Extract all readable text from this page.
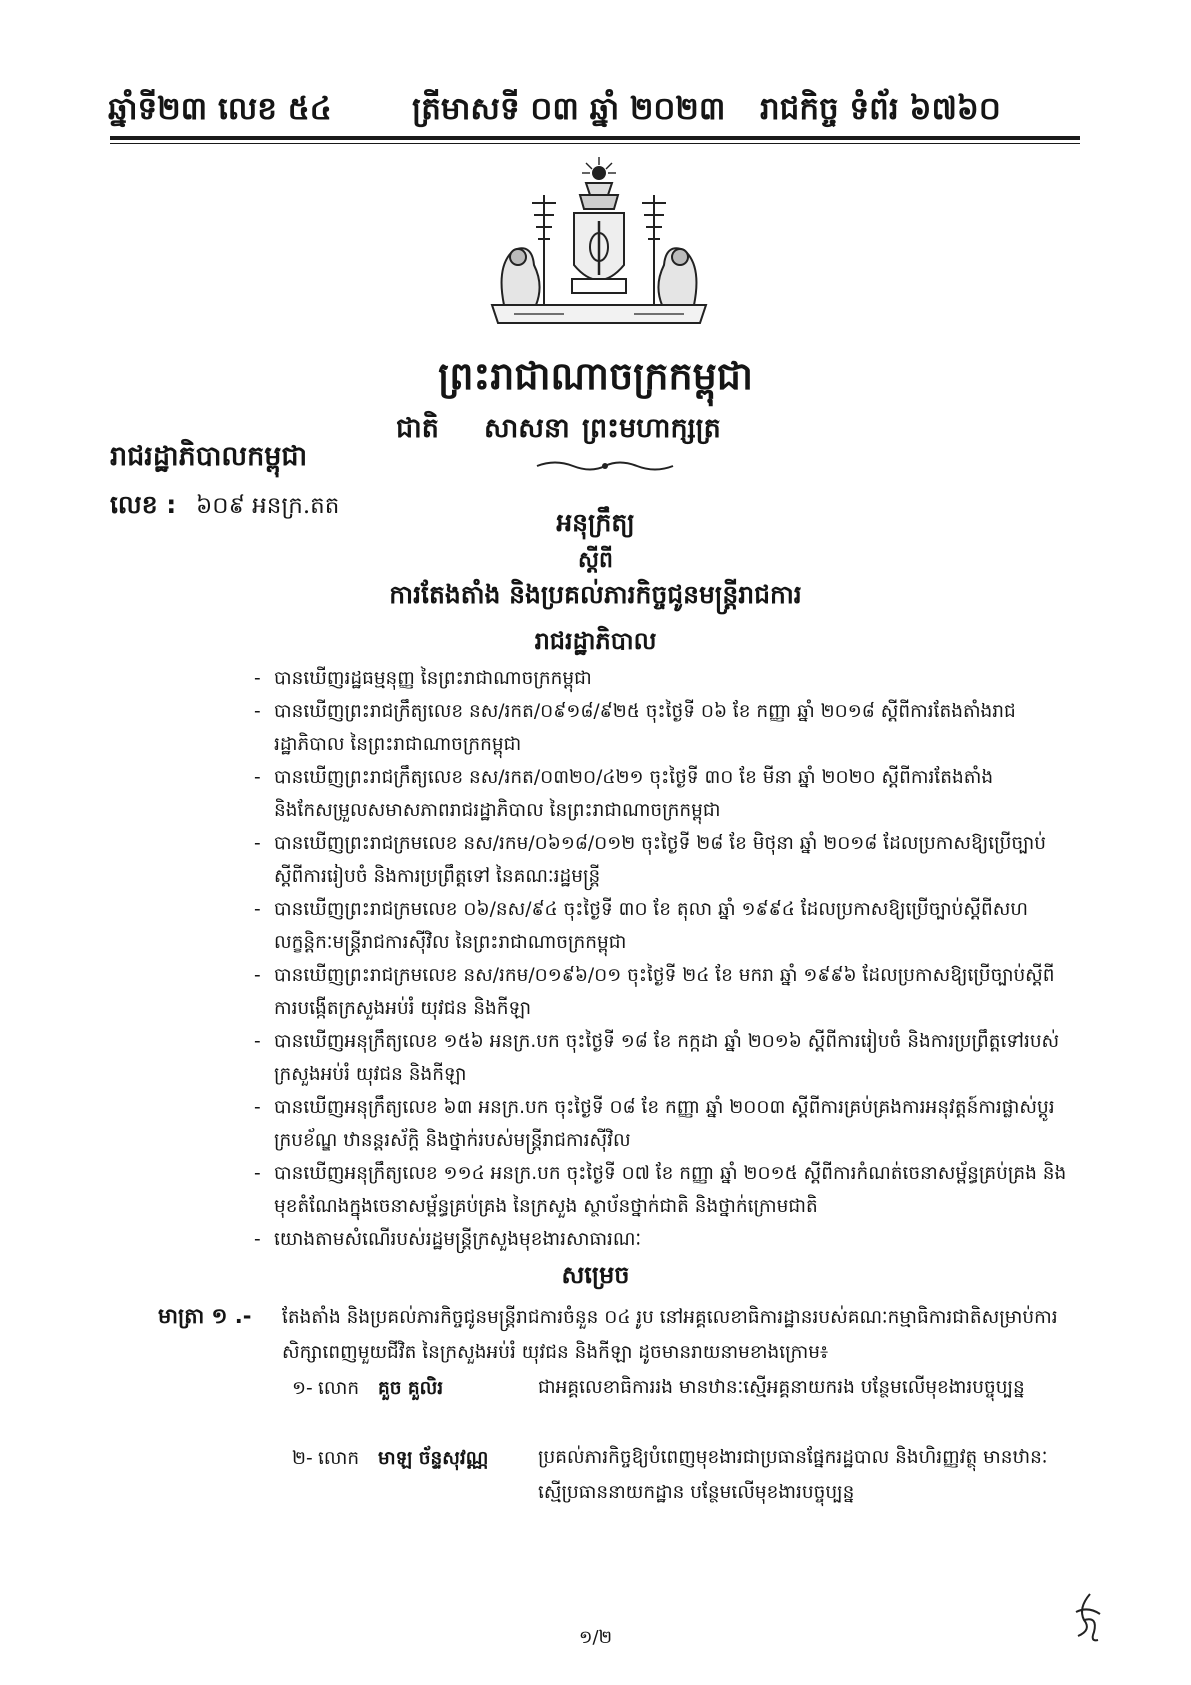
ឆ្នាំទី២៣ លេខ ៥៤	ត្រីមាសទី ០៣ ឆ្នាំ ២០២៣ រាជកិច្ច ទំព័រ ៦៧៦០
ព្រះរាជាណាចក្រកម្ពុជា
ជាតិ សាសនា ព្រះមហាក្សត្រ
រាជរដ្ឋាភិបាលកម្ពុជា
លេខ : ៦០៩ អនក្រ.តត
អនុក្រឹត្យ
ស្តីពី
ការតែងតាំង និងប្រគល់ភារកិច្ចជូនមន្ត្រីរាជការ
រាជរដ្ឋាភិបាល
- បានឃើញរដ្ឋធម្មនុញ្ញ នៃព្រះរាជាណាចក្រកម្ពុជា
- បានឃើញព្រះរាជក្រឹត្យលេខ នស/រកត/០៩១៨/៩២៥ ចុះថ្ងៃទី ០៦ ខែ កញ្ញា ឆ្នាំ ២០១៨ ស្តីពីការតែងតាំងរាជរដ្ឋាភិបាល នៃព្រះរាជាណាចក្រកម្ពុជា
- បានឃើញព្រះរាជក្រឹត្យលេខ នស/រកត/០៣២០/៤២១ ចុះថ្ងៃទី ៣០ ខែ មីនា ឆ្នាំ ២០២០ ស្តីពីការតែងតាំង និងកែសម្រួលសមាសភាពរាជរដ្ឋាភិបាល នៃព្រះរាជាណាចក្រកម្ពុជា
- បានឃើញព្រះរាជក្រមលេខ នស/រកម/០៦១៨/០១២ ចុះថ្ងៃទី ២៨ ខែ មិថុនា ឆ្នាំ ២០១៨ ដែលប្រកាសឱ្យប្រើច្បាប់ស្តីពីការរៀបចំ និងការប្រព្រឹត្តទៅ នៃគណៈរដ្ឋមន្ត្រី
- បានឃើញព្រះរាជក្រមលេខ ០៦/នស/៩៤ ចុះថ្ងៃទី ៣០ ខែ តុលា ឆ្នាំ ១៩៩៤ ដែលប្រកាសឱ្យប្រើច្បាប់ស្តីពីសហលក្ខន្តិកៈមន្ត្រីរាជការស៊ីវិល នៃព្រះរាជាណាចក្រកម្ពុជា
- បានឃើញព្រះរាជក្រមលេខ នស/រកម/០១៩៦/០១ ចុះថ្ងៃទី ២៤ ខែ មករា ឆ្នាំ ១៩៩៦ ដែលប្រកាសឱ្យប្រើច្បាប់ស្តីពីការបង្កើតក្រសួងអប់រំ យុវជន និងកីឡា
- បានឃើញអនុក្រឹត្យលេខ ១៥៦ អនក្រ.បក ចុះថ្ងៃទី ១៨ ខែ កក្កដា ឆ្នាំ ២០១៦ ស្តីពីការរៀបចំ និងការប្រព្រឹត្តទៅរបស់ក្រសួងអប់រំ យុវជន និងកីឡា
- បានឃើញអនុក្រឹត្យលេខ ៦៣ អនក្រ.បក ចុះថ្ងៃទី ០៨ ខែ កញ្ញា ឆ្នាំ ២០០៣ ស្តីពីការគ្រប់គ្រងការអនុវត្តន៍ការផ្លាស់ប្តូរក្របខ័ណ្ឌ ឋានន្តរស័ក្តិ និងថ្នាក់របស់មន្ត្រីរាជការស៊ីវិល
- បានឃើញអនុក្រឹត្យលេខ ១១៤ អនក្រ.បក ចុះថ្ងៃទី ០៧ ខែ កញ្ញា ឆ្នាំ ២០១៥ ស្តីពីការកំណត់ចេនាសម្ព័ន្ធគ្រប់គ្រង និងមុខតំណែងក្នុងចេនាសម្ព័ន្ធគ្រប់គ្រង នៃក្រសួង ស្ថាប័នថ្នាក់ជាតិ និងថ្នាក់ក្រោមជាតិ
- យោងតាមសំណើរបស់រដ្ឋមន្ត្រីក្រសួងមុខងារសាធារណៈ
សម្រេច
មាត្រា ១ .- តែងតាំង និងប្រគល់ភារកិច្ចជូនមន្ត្រីរាជការចំនួន ០៤ រូប នៅអគ្គលេខាធិការដ្ឋានរបស់គណៈកម្មាធិការជាតិសម្រាប់ការសិក្សាពេញមួយជីវិត នៃក្រសួងអប់រំ យុវជន និងកីឡា ដូចមានរាយនាមខាងក្រោម៖
១- លោក គួច គួលិរ	ជាអគ្គលេខាធិការរង មានឋានៈស្មើអគ្គនាយករង បន្ថែមលើមុខងារបច្ចុប្បន្ន
២- លោក មាឡ ច័ន្ទសុវណ្ណ	ប្រគល់ភារកិច្ចឱ្យបំពេញមុខងារជាប្រធានផ្នែករដ្ឋបាល និងហិរញ្ញវត្ថុ មានឋានៈស្មើប្រធាននាយកដ្ឋាន បន្ថែមលើមុខងារបច្ចុប្បន្ន
១/២
